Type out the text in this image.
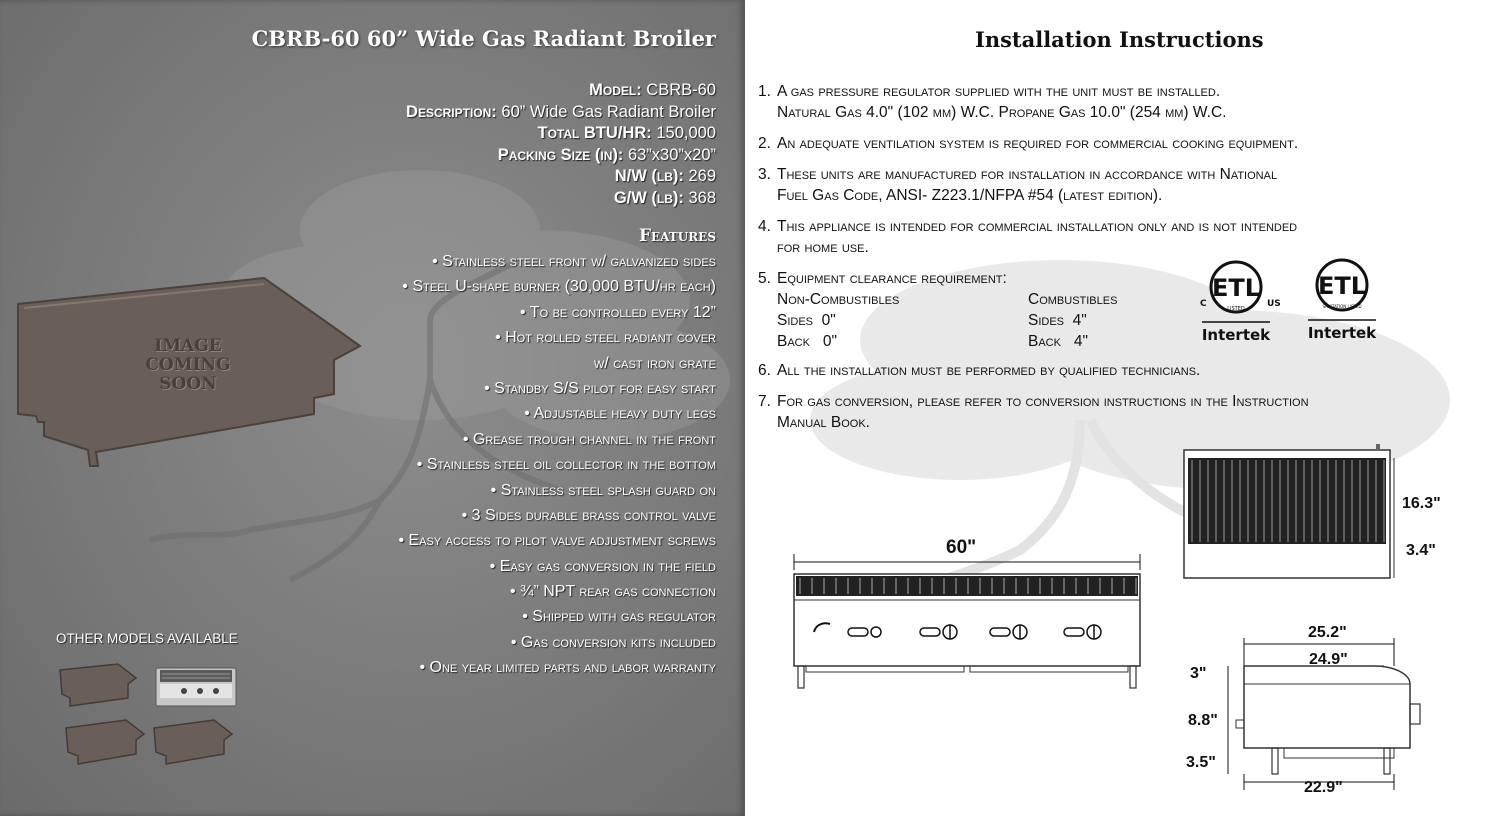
CBRB-60 60” Wide Gas Radiant Broiler
Model: CBRB-60
Description: 60” Wide Gas Radiant Broiler
Total BTU/HR: 150,000
Packing Size (in): 63”x30”x20”
N/W (lb): 269
G/W (lb): 368
Features
• Stainless steel front w/ galvanized sides
• Steel U-shape burner (30,000 BTU/hr each)
• To be controlled every 12”
• Hot rolled steel radiant cover
w/ cast iron grate
• Standby S/S pilot for easy start
• Adjustable heavy duty legs
• Grease trough channel in the front
• Stainless steel oil collector in the bottom
• Stainless steel splash guard on
• 3 Sides durable brass control valve
• Easy access to pilot valve adjustment screws
• Easy gas conversion in the field
• ¾” NPT rear gas connection
• Shipped with gas regulator
• Gas conversion kits included
• One year limited parts and labor warranty
IMAGE
COMING
SOON
OTHER MODELS AVAILABLE
Installation Instructions
1. A gas pressure regulator supplied with the unit must be installed.
Natural Gas 4.0" (102 mm) W.C. Propane Gas 10.0" (254 mm) W.C.
2. An adequate ventilation system is required for commercial cooking equipment.
3. These units are manufactured for installation in accordance with National
Fuel Gas Code, ANSI- Z223.1/NFPA #54 (latest edition).
4. This appliance is intended for commercial installation only and is not intended
for home use.
5. Equipment clearance requirement:
Non-Combustibles	Combustibles
Sides  0"	Sides  4"
Back   0"	Back   4"
6. All the installation must be performed by qualified technicians.
7. For gas conversion, please refer to conversion instructions in the Instruction
Manual Book.
ETL
LISTED
C	US
Intertek
ETL
SANITATION LISTED
Intertek
60"
16.3"
3.4"
25.2"
24.9"
3"
8.8"
3.5"
22.9"
